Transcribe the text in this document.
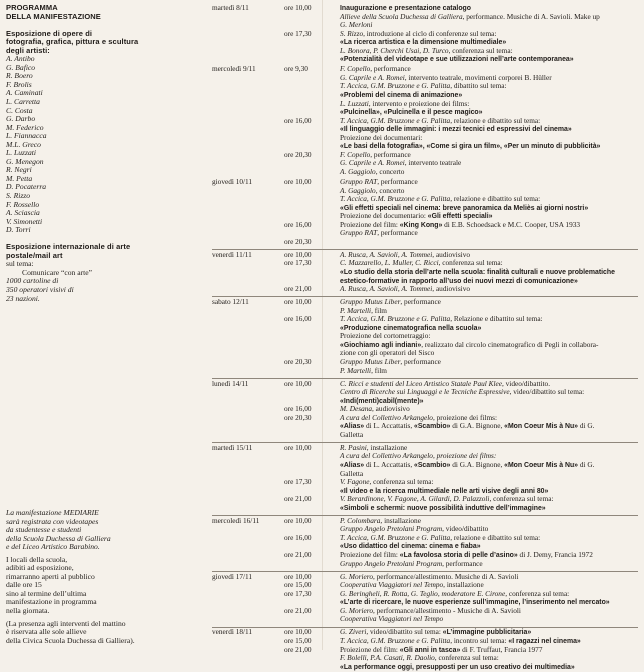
PROGRAMMA
DELLA MANIFESTAZIONE
Esposizione di opere di
fotografia, grafica, pittura e scultura
degli artisti:
A. Antibo
G. Bafico
R. Boero
F. Brolis
A. Caminati
L. Carretta
C. Costa
G. Darbo
M. Federico
L. Fiannacca
M.L. Greco
L. Luzzati
G. Menegon
R. Negri
M. Petta
D. Pocaterra
S. Rizzo
F. Rossello
A. Sciascia
V. Simonetti
D. Torri
Esposizione internazionale di arte
postale/mail art
sul tema:
Comunicare “con arte”
1000 cartoline di
350 operatori visivi di
23 nazioni.
La manifestazione MEDIARIE
sarà registrata con videotapes
da studentesse e studenti
della Scuola Duchessa di Galliera
e del Liceo Artistico Barabino.
I locali della scuola,
adibiti ad esposizione,
rimarranno aperti al pubblico
dalle ore 15
sino al termine dell’ultima
manifestazione in programma
nella giornata.
(La presenza agli interventi del mattino
è riservata alle sole allieve
della Civica Scuola Duchessa di Galliera).
martedì 8/11	ore 10,00	Inaugurazione e presentazione catalogo
Allieve della Scuola Duchessa di Galliera, performance. Musiche di A. Savioli. Make up
G. Merloni
ore 17,30	S. Rizzo, introduzione al ciclo di conferenze sul tema:
«La ricerca artistica e la dimensione multimediale»
L. Bonora, P. Cherchi Usai, D. Turco, conferenza sul tema:
«Potenzialità del videotape e sue utilizzazioni nell’arte contemporanea»
mercoledì 9/11	ore 9,30	F. Copello, performance
G. Caprile e A. Romei, intervento teatrale, movimenti corporei B. Hüller
T. Accica, G.M. Bruzzone e G. Palitta, dibattito sul tema:
«Problemi del cinema di animazione»
L. Luzzati, intervento e proiezione dei films:
«Pulcinella», «Pulcinella e il pesce magico»
ore 16,00	T. Accica, G.M. Bruzzone e G. Palitta, relazione e dibattito sul tema:
«Il linguaggio delle immagini: i mezzi tecnici ed espressivi del cinema»
Proiezione dei documentari:
«Le basi della fotografia», «Come si gira un film», «Per un minuto di pubblicità»
ore 20,30	F. Copello, performance
G. Caprile e A. Romei, intervento teatrale
A. Gaggiolo, concerto
giovedì 10/11	ore 10,00	Gruppo RAT, performance
A. Gaggiolo, concerto
T. Accica, G.M. Bruzzone e G. Palitta, relazione e dibattito sul tema:
«Gli effetti speciali nel cinema: breve panoramica da Meliès ai giorni nostri»
Proiezione del documentario: «Gli effetti speciali»
ore 16,00	Proiezione del film: «King Kong» di E.B. Schoedsack e M.C. Cooper, USA 1933
Gruppo RAT, performance
ore 20,30
venerdì 11/11	ore 10,00	A. Rusca, A. Savioli, A. Tommei, audiovisivo
ore 17,30	C. Mazzarello, L. Muller, C. Ricci, conferenza sul tema:
«Lo studio della storia dell’arte nella scuola: finalità culturali e nuove problematiche
estetico-formative in rapporto all’uso dei nuovi mezzi di comunicazione»
ore 21,00	A. Rusca, A. Savioli, A. Tommei, audiovisivo
sabato 12/11	ore 10,00	Gruppo Mutus Liber, performance
P. Martelli, film
ore 16,00	T. Accica, G.M. Bruzzone e G. Palitta, Relazione e dibattito sul tema:
«Produzione cinematografica nella scuola»
Proiezione del cortometraggio:
«Giochiamo agli indiani», realizzato dal circolo cinematografico di Pegli in collabora-
zione con gli operatori del Sisco
ore 20,30	Gruppo Mutus Liber, performance
P. Martelli, film
lunedì 14/11	ore 10,00	C. Ricci e studenti del Liceo Artistico Statale Paul Klee, video/dibattito.
Centro di Ricerche sui Linguaggi e le Tecniche Espressive, video/dibattito sul tema:
«Indi(menti)cabil(mente)»
ore 16,00	M. Desana, audiovisivo
ore 20,30	A cura del Collettivo Arkangelo, proiezione dei films:
«Alias» di L. Accattatis, «Scambio» di G.A. Bignone, «Mon Coeur Mis à Nu» di G.
Galletta
martedì 15/11	ore 10,00	R. Pasini, installazione
A cura del Collettivo Arkangelo, proiezione dei films:
«Alias» di L. Accattatis, «Scambio» di G.A. Bignone, «Mon Coeur Mis à Nu» di G.
Galletta
ore 17,30	V. Fagone, conferenza sul tema:
«Il video e la ricerca multimediale nelle arti visive degli anni 80»
ore 21,00	V. Berardinone, V. Fagone, A. Gilardi, D. Palazzoli, conferenza sul tema:
«Simboli e schermi: nuove possibilità induttive dell’immagine»
mercoledì 16/11	ore 10,00	P. Colombara, installazione
Gruppo Angelo Pretolani Program, video/dibattito
ore 16,00	T. Accica, G.M. Bruzzone e G. Palitta, relazione e dibattito sul tema:
«Uso didattico del cinema: cinema e fiaba»
ore 21,00	Proiezione del film: «La favolosa storia di pelle d’asino» di J. Demy, Francia 1972
Gruppo Angelo Pretolani Program, performance
giovedì 17/11	ore 10,00	G. Moriero, performance/allestimento. Musiche di A. Savioli
ore 15,00	Cooperativa Viaggiatori nel Tempo, installazione
ore 17,30	G. Beringheli, R. Rotta, G. Teglio, moderatore E. Cirone, conferenza sul tema:
«L’arte di ricercare, le nuove esperienze sull’immagine, l’inserimento nel mercato»
ore 21,00	G. Moriero, performance/allestimento - Musiche di A. Savioli
Cooperativa Viaggiatori nel Tempo
venerdì 18/11	ore 10,00	G. Ziveri, video/dibattito sul tema: «L’immagine pubblicitaria»
ore 15,00	T. Accica, G.M. Bruzzone e G. Palitta, incontro sul tema: «I ragazzi nel cinema»
ore 21,00	Proiezione del film: «Gli anni in tasca» di F. Truffaut, Francia 1977
F. Bolelli, P.A. Casati, R. Daolio, conferenza sul tema:
«La performance oggi, presupposti per un uso creativo dei multimedia»
